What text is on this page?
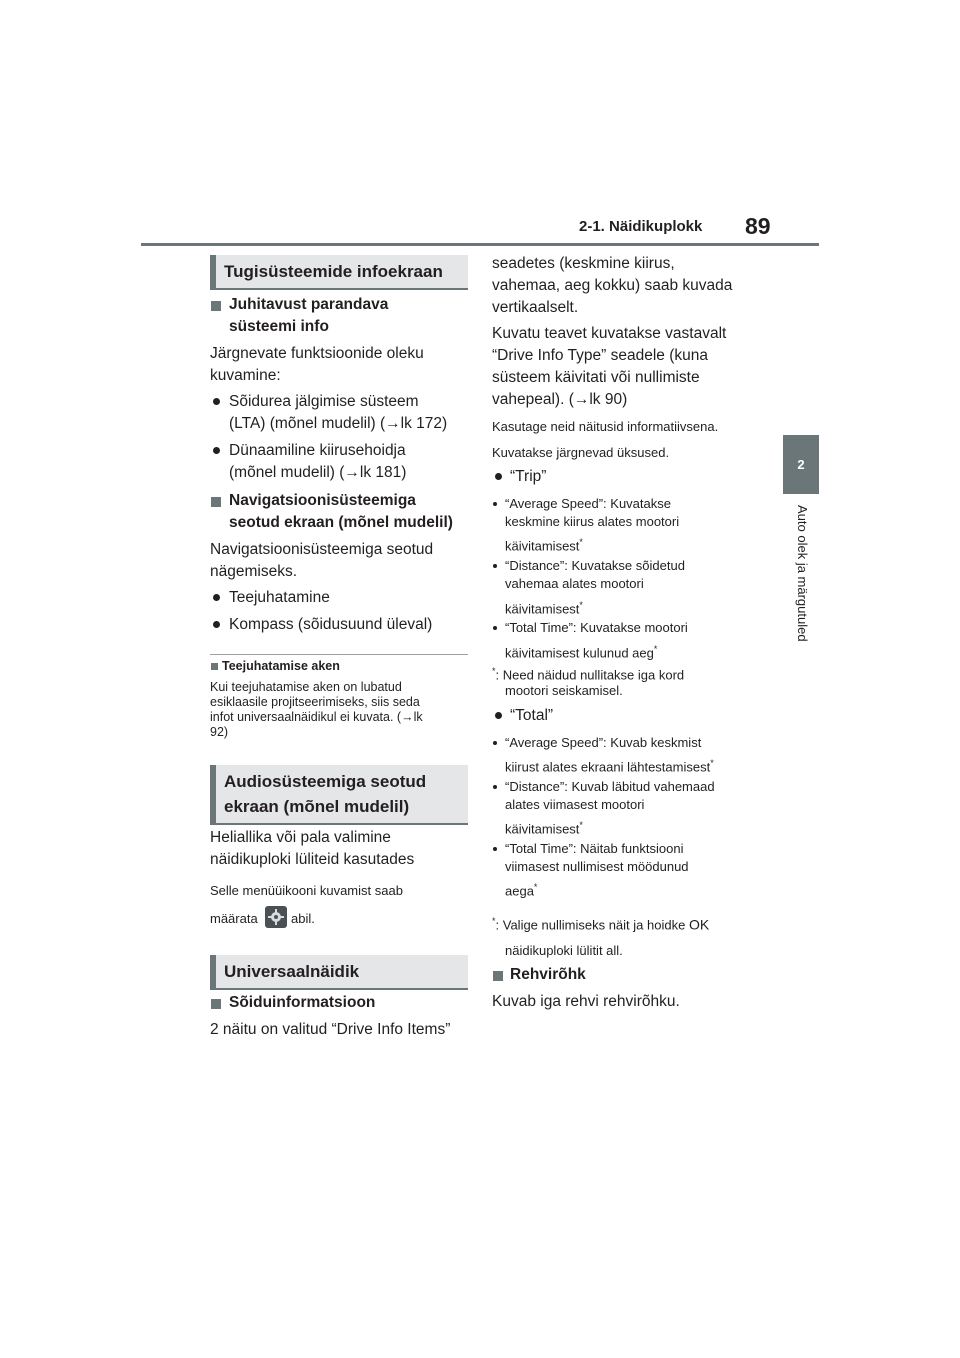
2-1. Näidikuplokk 89
2
Auto olek ja märgutuled
Tugisüsteemide infoekraan
Juhitavust parandava
süsteemi info
Järgnevate funktsioonide oleku
kuvamine:
Sõidurea jälgimise süsteem
(LTA) (mõnel mudelil) (→lk 172)
Dünaamiline kiirusehoidja
(mõnel mudelil) (→lk 181)
Navigatsioonisüsteemiga
seotud ekraan (mõnel mudelil)
Navigatsioonisüsteemiga seotud
nägemiseks.
Teejuhatamine
Kompass (sõidusuund üleval)
Teejuhatamise aken
Kui teejuhatamise aken on lubatud
esiklaasile projitseerimiseks, siis seda
infot universaalnäidikul ei kuvata. (→lk
92)
Audiosüsteemiga seotud
ekraan (mõnel mudelil)
Heliallika või pala valimine
näidikuploki lüliteid kasutades
Selle menüüikooni kuvamist saab
määrata	abil.
Universaalnäidik
Sõiduinformatsioon
2 näitu on valitud “Drive Info Items”
seadetes (keskmine kiirus,
vahemaa, aeg kokku) saab kuvada
vertikaalselt.
Kuvatu teavet kuvatakse vastavalt
“Drive Info Type” seadele (kuna
süsteem käivitati või nullimiste
vahepeal). (→lk 90)
Kasutage neid näitusid informatiivsena.
Kuvatakse järgnevad üksused.
“Trip”
“Average Speed”: Kuvatakse
keskmine kiirus alates mootori
käivitamisest*
“Distance”: Kuvatakse sõidetud
vahemaa alates mootori
käivitamisest*
“Total Time”: Kuvatakse mootori
käivitamisest kulunud aeg*
*: Need näidud nullitakse iga kord
mootori seiskamisel.
“Total”
“Average Speed”: Kuvab keskmist
kiirust alates ekraani lähtestamisest*
“Distance”: Kuvab läbitud vahemaad
alates viimasest mootori
käivitamisest*
“Total Time”: Näitab funktsiooni
viimasest nullimisest möödunud
aega*
*: Valige nullimiseks näit ja hoidke OK
näidikuploki lülitit all.
Rehvirõhk
Kuvab iga rehvi rehvirõhku.
